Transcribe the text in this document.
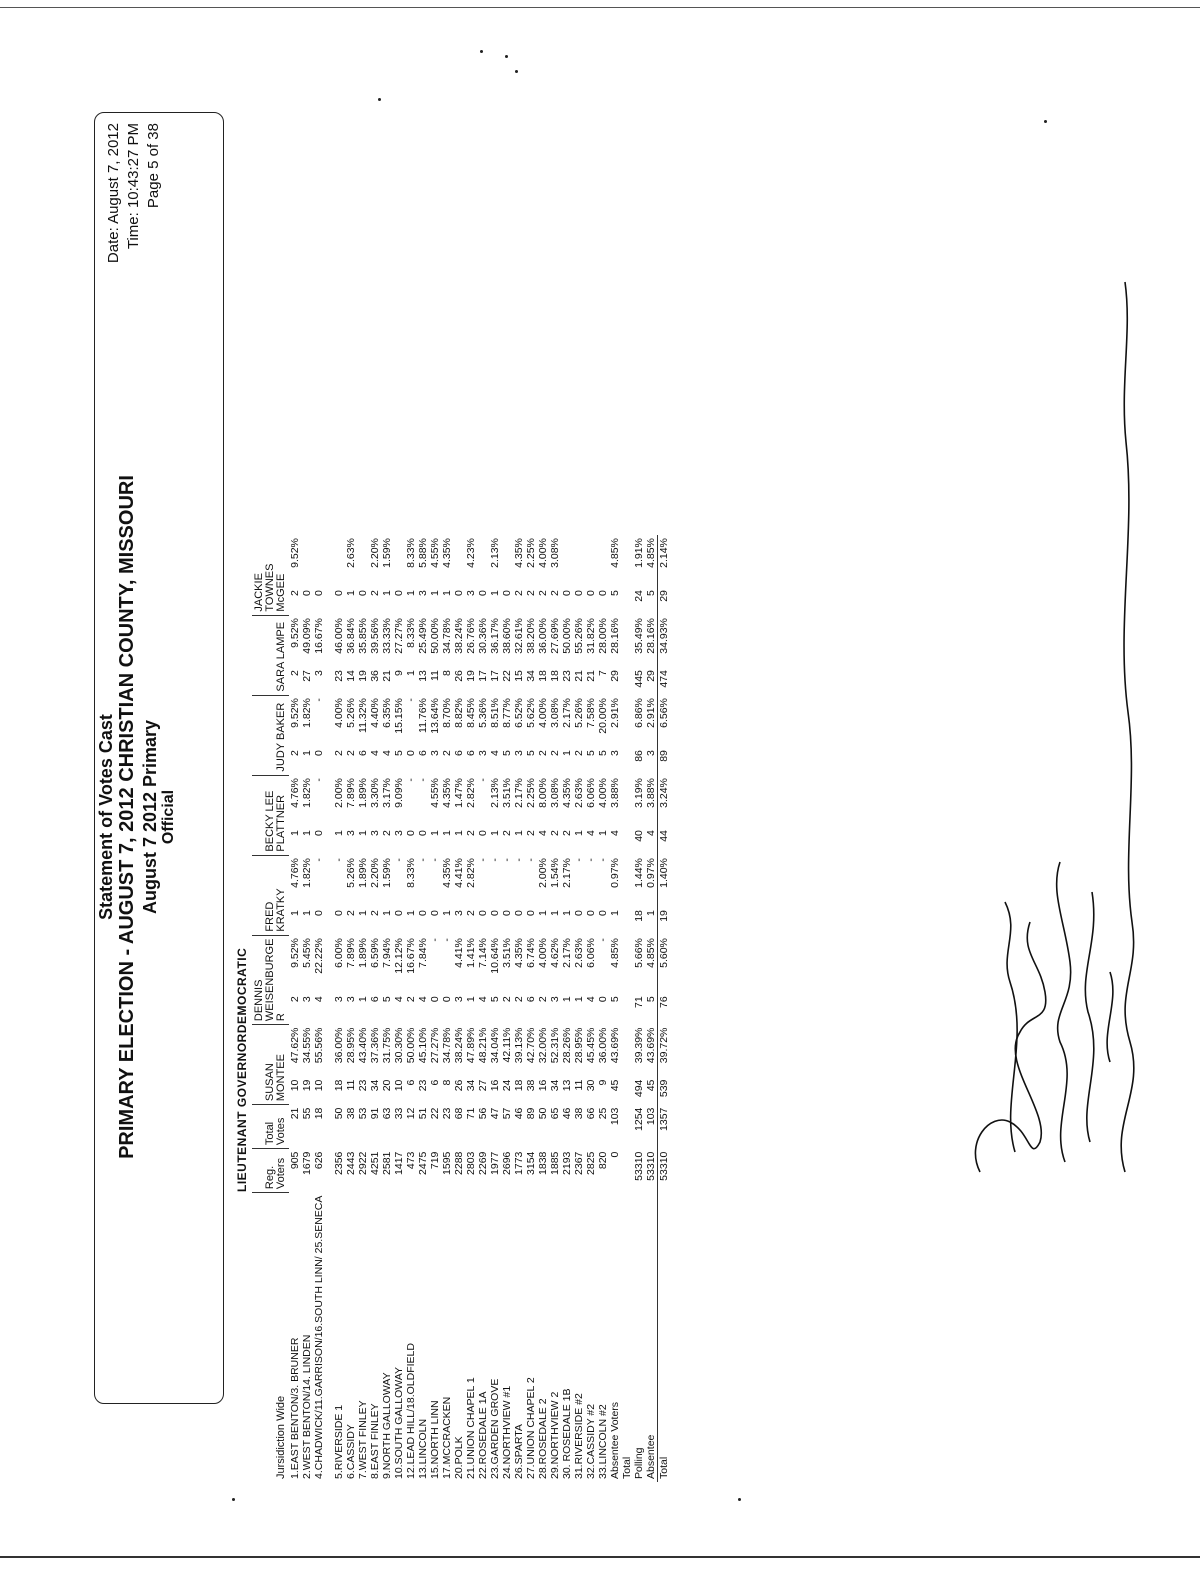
Date: August 7, 2012 Time: 10:43:27 PM Page 5 of 38
Statement of Votes Cast PRIMARY ELECTION - AUGUST 7, 2012 CHRISTIAN COUNTY, MISSOURI August 7 2012 Primary Official
LIEUTENANT GOVERNORDEMOCRATIC
Jursidiction Wide	Reg. Voters	Total Votes	SUSAN MONTEE		DENNIS WEISENBURGE R		FRED KRATKY		BECKY LEE PLATTNER		JUDY BAKER		SARA LAMPE		JACKIE TOWNES McGEE	
1.EAST BENTON/3. BRUNER	905	21	10	47.62%	2	9.52%	1	4.76%	1	4.76%	2	9.52%	2	9.52%	2	9.52%
2.WEST BENTON/14. LINDEN	1679	55	19	34.55%	3	5.45%	1	1.82%	1	1.82%	1	1.82%	27	49.09%	0	
4.CHADWICK/11.GARRISON/16.SOUTH LINN/ 25.SENECA	626	18	10	55.56%	4	22.22%	0	-	0	-	0	-	3	16.67%	0	

5.RIVERSIDE 1	2356	50	18	36.00%	3	6.00%	0	-	1	2.00%	2	4.00%	23	46.00%	0	
6.CASSIDY	2443	38	11	28.95%	3	7.89%	2	5.26%	3	7.89%	2	5.26%	14	36.84%	1	2.63%
7.WEST FINLEY	2922	53	23	43.40%	1	1.89%	1	1.89%	1	1.89%	6	11.32%	19	35.85%	0	
8.EAST FINLEY	4251	91	34	37.36%	6	6.59%	2	2.20%	3	3.30%	4	4.40%	36	39.56%	2	2.20%
9.NORTH GALLOWAY	2581	63	20	31.75%	5	7.94%	1	1.59%	2	3.17%	4	6.35%	21	33.33%	1	1.59%
10.SOUTH GALLOWAY	1417	33	10	30.30%	4	12.12%	0	-	3	9.09%	5	15.15%	9	27.27%	0	
12.LEAD HILL/18.OLDFIELD	473	12	6	50.00%	2	16.67%	1	8.33%	0	-	0	-	1	8.33%	1	8.33%
13.LINCOLN	2475	51	23	45.10%	4	7.84%	0	-	0	-	6	11.76%	13	25.49%	3	5.88%
15.NORTH LINN	719	22	6	27.27%	0	-	0	-	1	4.55%	3	13.64%	11	50.00%	1	4.55%
17.MCCRACKEN	1595	23	8	34.78%	0	-	1	4.35%	1	4.35%	2	8.70%	8	34.78%	1	4.35%
20.POLK	2288	68	26	38.24%	3	4.41%	3	4.41%	1	1.47%	6	8.82%	26	38.24%	0	
21.UNION CHAPEL 1	2803	71	34	47.89%	1	1.41%	2	2.82%	2	2.82%	6	8.45%	19	26.76%	3	4.23%
22.ROSEDALE 1A	2269	56	27	48.21%	4	7.14%	0	-	0	-	3	5.36%	17	30.36%	0	
23.GARDEN GROVE	1977	47	16	34.04%	5	10.64%	0	-	1	2.13%	4	8.51%	17	36.17%	1	2.13%
24.NORTHVIEW #1	2696	57	24	42.11%	2	3.51%	0	-	2	3.51%	5	8.77%	22	38.60%	0	
26.SPARTA	1773	46	18	39.13%	2	4.35%	0	-	1	2.17%	3	6.52%	15	32.61%	2	4.35%
27.UNION CHAPEL 2	3154	89	38	42.70%	6	6.74%	0	-	2	2.25%	5	5.62%	34	38.20%	2	2.25%
28.ROSEDALE 2	1838	50	16	32.00%	2	4.00%	1	2.00%	4	8.00%	2	4.00%	18	36.00%	2	4.00%
29.NORTHVIEW 2	1885	65	34	52.31%	3	4.62%	1	1.54%	2	3.08%	2	3.08%	18	27.69%	2	3.08%
30. ROSEDALE 1B	2193	46	13	28.26%	1	2.17%	1	2.17%	2	4.35%	1	2.17%	23	50.00%	0	
31.RIVERSIDE #2	2367	38	11	28.95%	1	2.63%	0	-	1	2.63%	2	5.26%	21	55.26%	0	
32.CASSIDY #2	2825	66	30	45.45%	4	6.06%	0	-	4	6.06%	5	7.58%	21	31.82%	0	
33.LINCOLN #2	820	25	9	36.00%	0	-	0	-	1	4.00%	5	20.00%	7	28.00%	0	
Absentee Voters	0	103	45	43.69%	5	4.85%	1	0.97%	4	3.88%	3	2.91%	29	28.16%	5	4.85%
Total																
Polling	53310	1254	494	39.39%	71	5.66%	18	1.44%	40	3.19%	86	6.86%	445	35.49%	24	1.91%
Absentee	53310	103	45	43.69%	5	4.85%	1	0.97%	4	3.88%	3	2.91%	29	28.16%	5	4.85%
Total	53310	1357	539	39.72%	76	5.60%	19	1.40%	44	3.24%	89	6.56%	474	34.93%	29	2.14%
